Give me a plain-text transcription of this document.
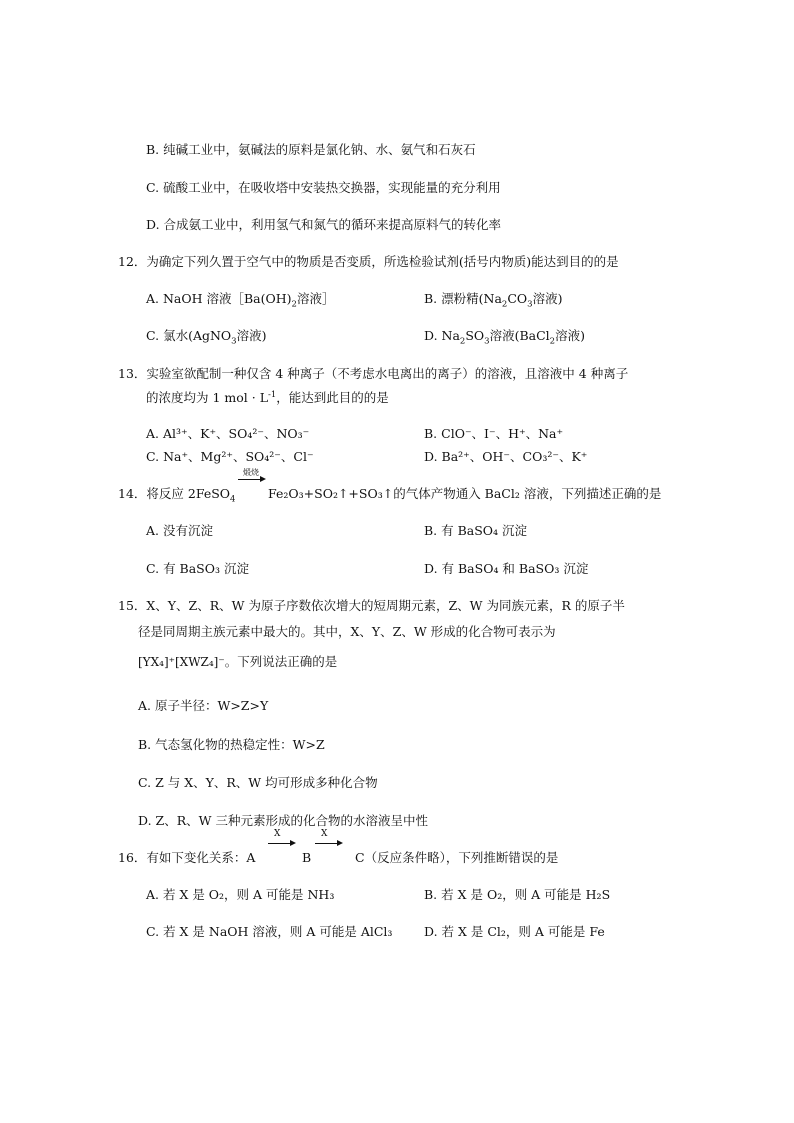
B. 纯碱工业中，氨碱法的原料是氯化钠、水、氨气和石灰石
C. 硫酸工业中，在吸收塔中安装热交换器，实现能量的充分利用
D. 合成氨工业中，利用氢气和氮气的循环来提高原料气的转化率
12．为确定下列久置于空气中的物质是否变质，所选检验试剂(括号内物质)能达到目的的是
A. NaOH 溶液$[Ba(OH)_2$溶液］	B. 漂粉精($Na_2CO_3$溶液)
C. 氯水(AgNO$_3$溶液)	D. $Na_2SO_3$溶液(BaCl$_2$溶液)
13．实验室欲配制一种仅含 4 种离子（不考虑水电离出的离子）的溶液，且溶液中 4 种离子
的浓度均为 1 mol · $L^{-1}$，能达到此目的的是
A. Al³⁺、K⁺、SO₄²⁻、NO₃⁻	B. ClO⁻、I⁻、H⁺、Na⁺
C. Na⁺、Mg²⁺、SO₄²⁻、Cl⁻	D. Ba²⁺、OH⁻、CO₃²⁻、K⁺
14．将反应 2FeSO$_4$
煅烧
Fe₂O₃+SO₂↑+SO₃↑的气体产物通入 BaCl₂ 溶液，下列描述正确的是
A. 没有沉淀	B. 有 BaSO₄ 沉淀
C. 有 BaSO₃ 沉淀	D. 有 BaSO₄ 和 BaSO₃ 沉淀
15．X、Y、Z、R、W 为原子序数依次增大的短周期元素，Z、W 为同族元素，R 的原子半
径是同周期主族元素中最大的。其中，X、Y、Z、W 形成的化合物可表示为
[YX₄]⁺[XWZ₄]⁻。下列说法正确的是
A. 原子半径：W>Z>Y
B. 气态氢化物的热稳定性：W>Z
C. Z 与 X、Y、R、W 均可形成多种化合物
D. Z、R、W 三种元素形成的化合物的水溶液呈中性
16．有如下变化关系：A
X
B
X
C（反应条件略），下列推断错误的是
A. 若 X 是 O₂，则 A 可能是 NH₃	B. 若 X 是 O₂，则 A 可能是 H₂S
C. 若 X 是 NaOH 溶液，则 A 可能是 AlCl₃	D. 若 X 是 Cl₂，则 A 可能是 Fe
